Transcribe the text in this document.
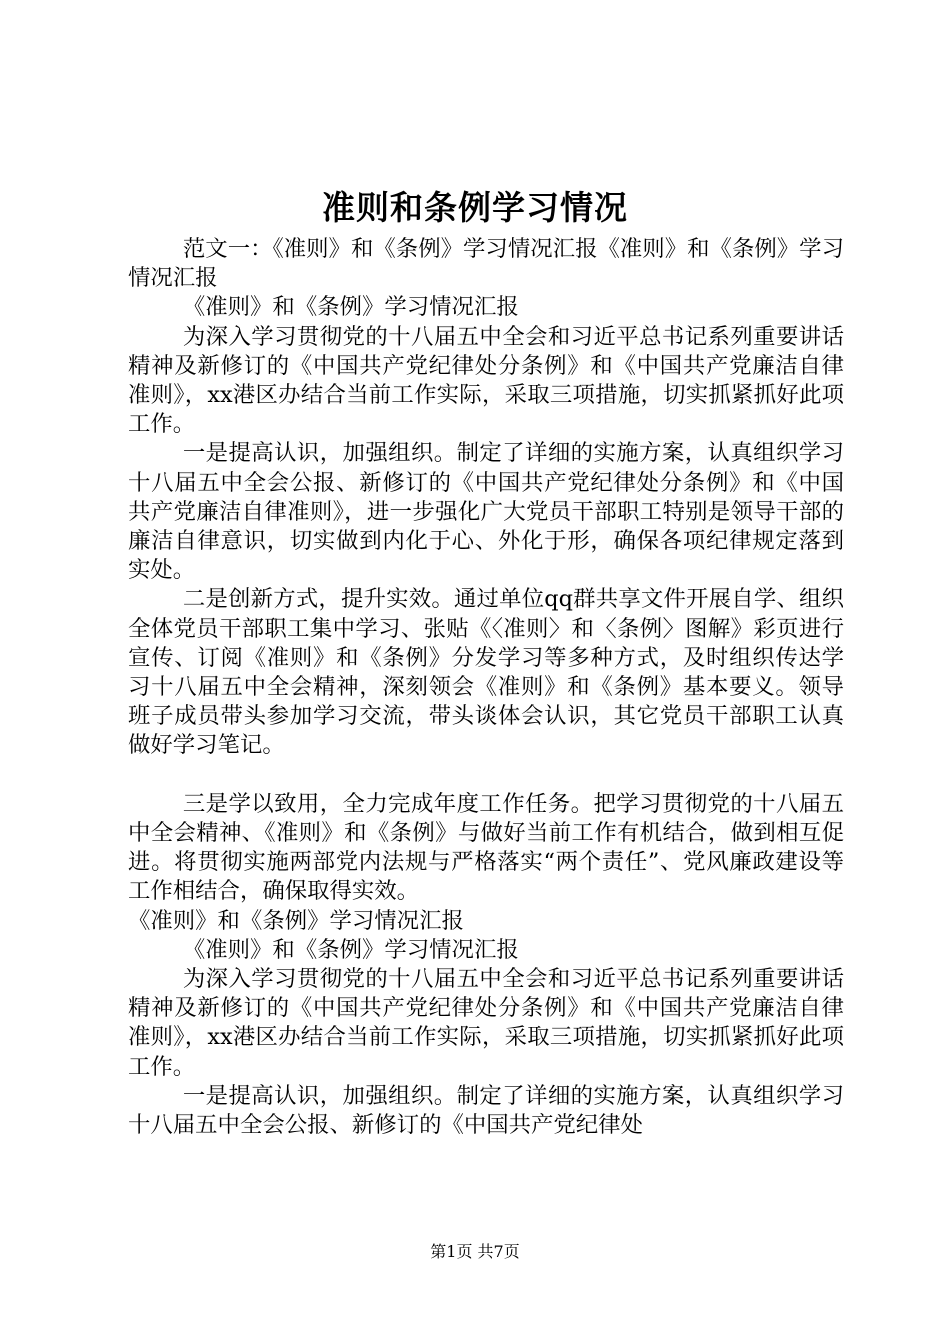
准则和条例学习情况

范文一：《准则》和《条例》学习情况汇报《准则》和《条例》学习情况汇报

《准则》和《条例》学习情况汇报

为深入学习贯彻党的十八届五中全会和习近平总书记系列重要讲话精神及新修订的《中国共产党纪律处分条例》和《中国共产党廉洁自律准则》，xx港区办结合当前工作实际，采取三项措施，切实抓紧抓好此项工作。

一是提高认识，加强组织。制定了详细的实施方案，认真组织学习十八届五中全会公报、新修订的《中国共产党纪律处分条例》和《中国共产党廉洁自律准则》，进一步强化广大党员干部职工特别是领导干部的廉洁自律意识，切实做到内化于心、外化于形，确保各项纪律规定落到实处。

二是创新方式，提升实效。通过单位qq群共享文件开展自学、组织全体党员干部职工集中学习、张贴《〈准则〉和〈条例〉图解》彩页进行宣传、订阅《准则》和《条例》分发学习等多种方式，及时组织传达学习十八届五中全会精神，深刻领会《准则》和《条例》基本要义。领导班子成员带头参加学习交流，带头谈体会认识，其它党员干部职工认真做好学习笔记。

三是学以致用，全力完成年度工作任务。把学习贯彻党的十八届五中全会精神、《准则》和《条例》与做好当前工作有机结合，做到相互促进。将贯彻实施两部党内法规与严格落实“两个责任”、党风廉政建设等工作相结合，确保取得实效。

《准则》和《条例》学习情况汇报

《准则》和《条例》学习情况汇报

为深入学习贯彻党的十八届五中全会和习近平总书记系列重要讲话精神及新修订的《中国共产党纪律处分条例》和《中国共产党廉洁自律准则》，xx港区办结合当前工作实际，采取三项措施，切实抓紧抓好此项工作。

一是提高认识，加强组织。制定了详细的实施方案，认真组织学习十八届五中全会公报、新修订的《中国共产党纪律处

第1页 共7页
